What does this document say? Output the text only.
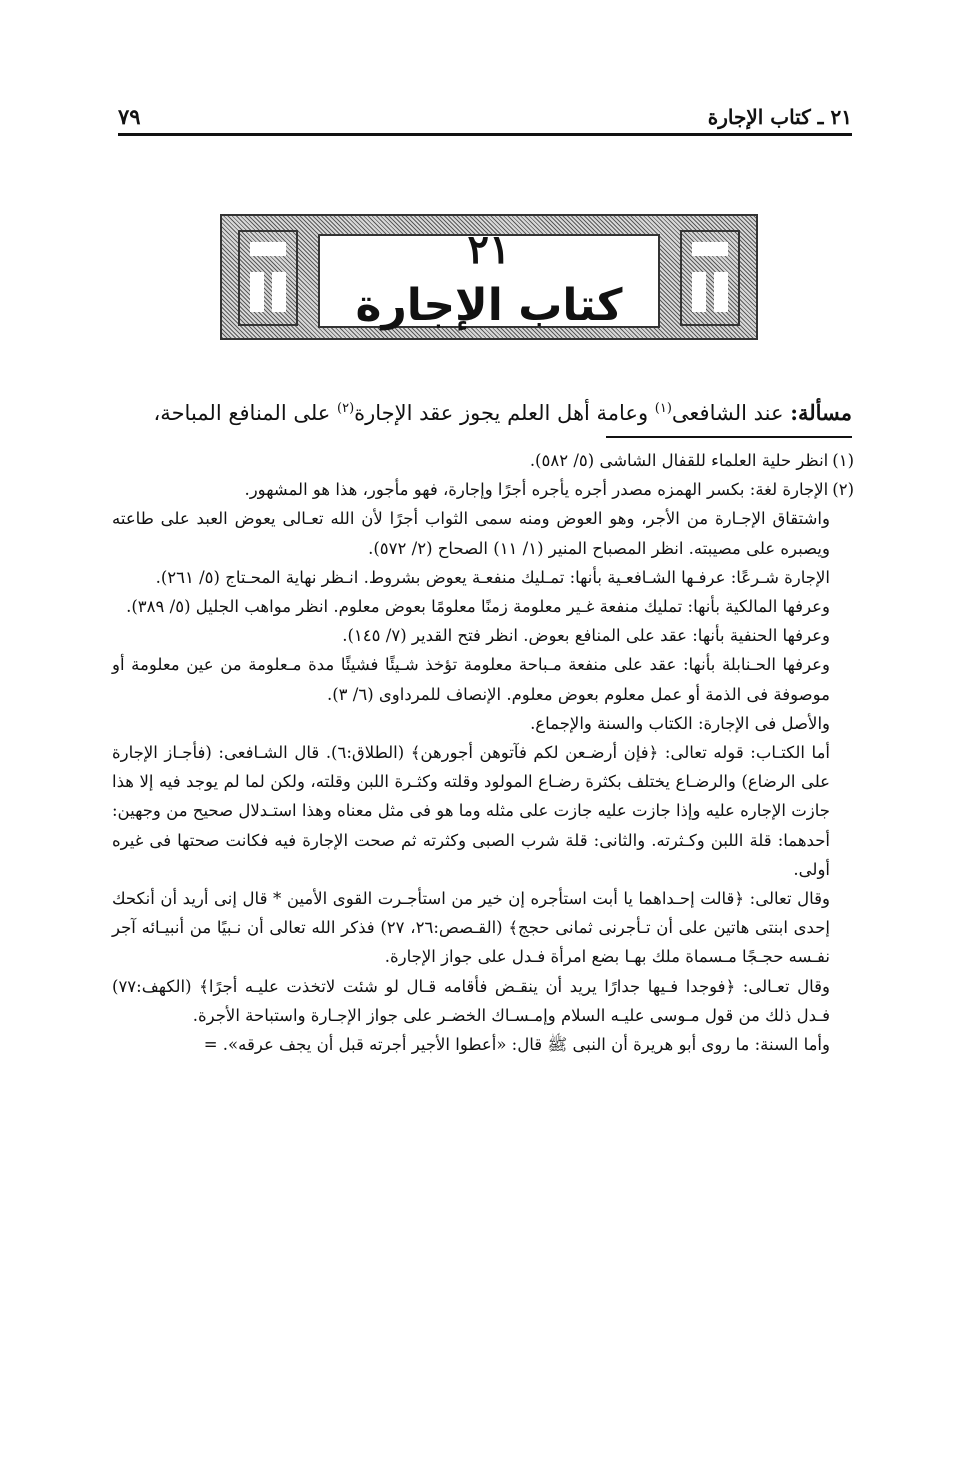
٢١ ـ كتاب الإجارة
٧٩
٢١
كتاب الإجارة
مسألة: عند الشافعى$^{(١)}$ وعامة أهل العلم يجوز عقد الإجارة$^{(٢)}$ على المنافع المباحة،

(١)انظر حلية العلماء للقفال الشاشى (٥/ ٥٨٢).

(٢)الإجارة لغة: بكسر الهمزه مصدر أجره يأجره أجرًا وإجارة، فهو مأجور، هذا هو المشهور.

واشتقاق الإجـارة من الأجر، وهو العوض ومنه سمى الثواب أجرًا لأن الله تعـالى يعوض العبد على طاعته ويصبره على مصيبته. انظر المصباح المنير (١/ ١١) الصحاح (٢/ ٥٧٢).

الإجارة شـرعًا: عرفـها الشـافعـية بأنها: تمـليك منفعـة يعوض بشروط. انـظر نهاية المحـتاج (٥/ ٢٦١).

وعرفها المالكية بأنها: تمليك منفعة غـير معلومة زمنًا معلومًا بعوض معلوم. انظر مواهب الجليل (٥/ ٣٨٩).

وعرفها الحنفية بأنها: عقد على المنافع بعوض. انظر فتح القدير (٧/ ١٤٥).

وعرفها الحـنابلة بأنها: عقد على منفعة مـباحة معلومة تؤخذ شـيئًا فشيئًا مدة مـعلومة من عين معلومة أو موصوفة فى الذمة أو عمل معلوم بعوض معلوم. الإنصاف للمرداوى (٦/ ٣).

والأصل فى الإجارة: الكتاب والسنة والإجماع.

أما الكتـاب: قوله تعالى: ﴿فإن أرضـعن لكم فآتوهن أجورهن﴾ (الطلاق:٦). قال الشـافعى: (فأجـاز الإجارة على الرضاع) والرضـاع يختلف بكثرة رضـاع المولود وقلته وكثـرة اللبن وقلته، ولكن لما لم يوجد فيه إلا هذا جازت الإجاره عليه وإذا جازت عليه جازت على مثله وما هو فى مثل معناه وهذا استـدلال صحيح من وجهين: أحدهما: قلة اللبن وكـثرته. والثانى: قلة شرب الصبى وكثرته ثم صحت الإجارة فيه فكانت صحتها فى غيره أولى.

وقال تعالى: ﴿قالت إحـداهما يا أبت استأجره إن خير من استأجـرت القوى الأمين * قال إنى أريد أن أنكحك إحدى ابنتى هاتين على أن تـأجرنى ثمانى حجج﴾ (القـصص:٢٦، ٢٧) فذكر الله تعالى أن نـبيًا من أنبيـائه آجر نفـسه حجـجًا مـسماة ملك بهـا بضع امرأة فـدل على جواز الإجارة.

وقال تعـالى: ﴿فوجدا فـيها جدارًا يريد أن ينقـض فأقامه قـال لو شئت لاتخذت عليـه أجرًا﴾ (الكهف:٧٧) فـدل ذلك من قول مـوسى عليـه السلام وإمـسـاك الخضـر على جواز الإجـارة واستباحة الأجرة.

وأما السنة: ما روى أبو هريرة أن النبى ﷺ قال: «أعطوا الأجير أجرته قبل أن يجف عرقه». =
